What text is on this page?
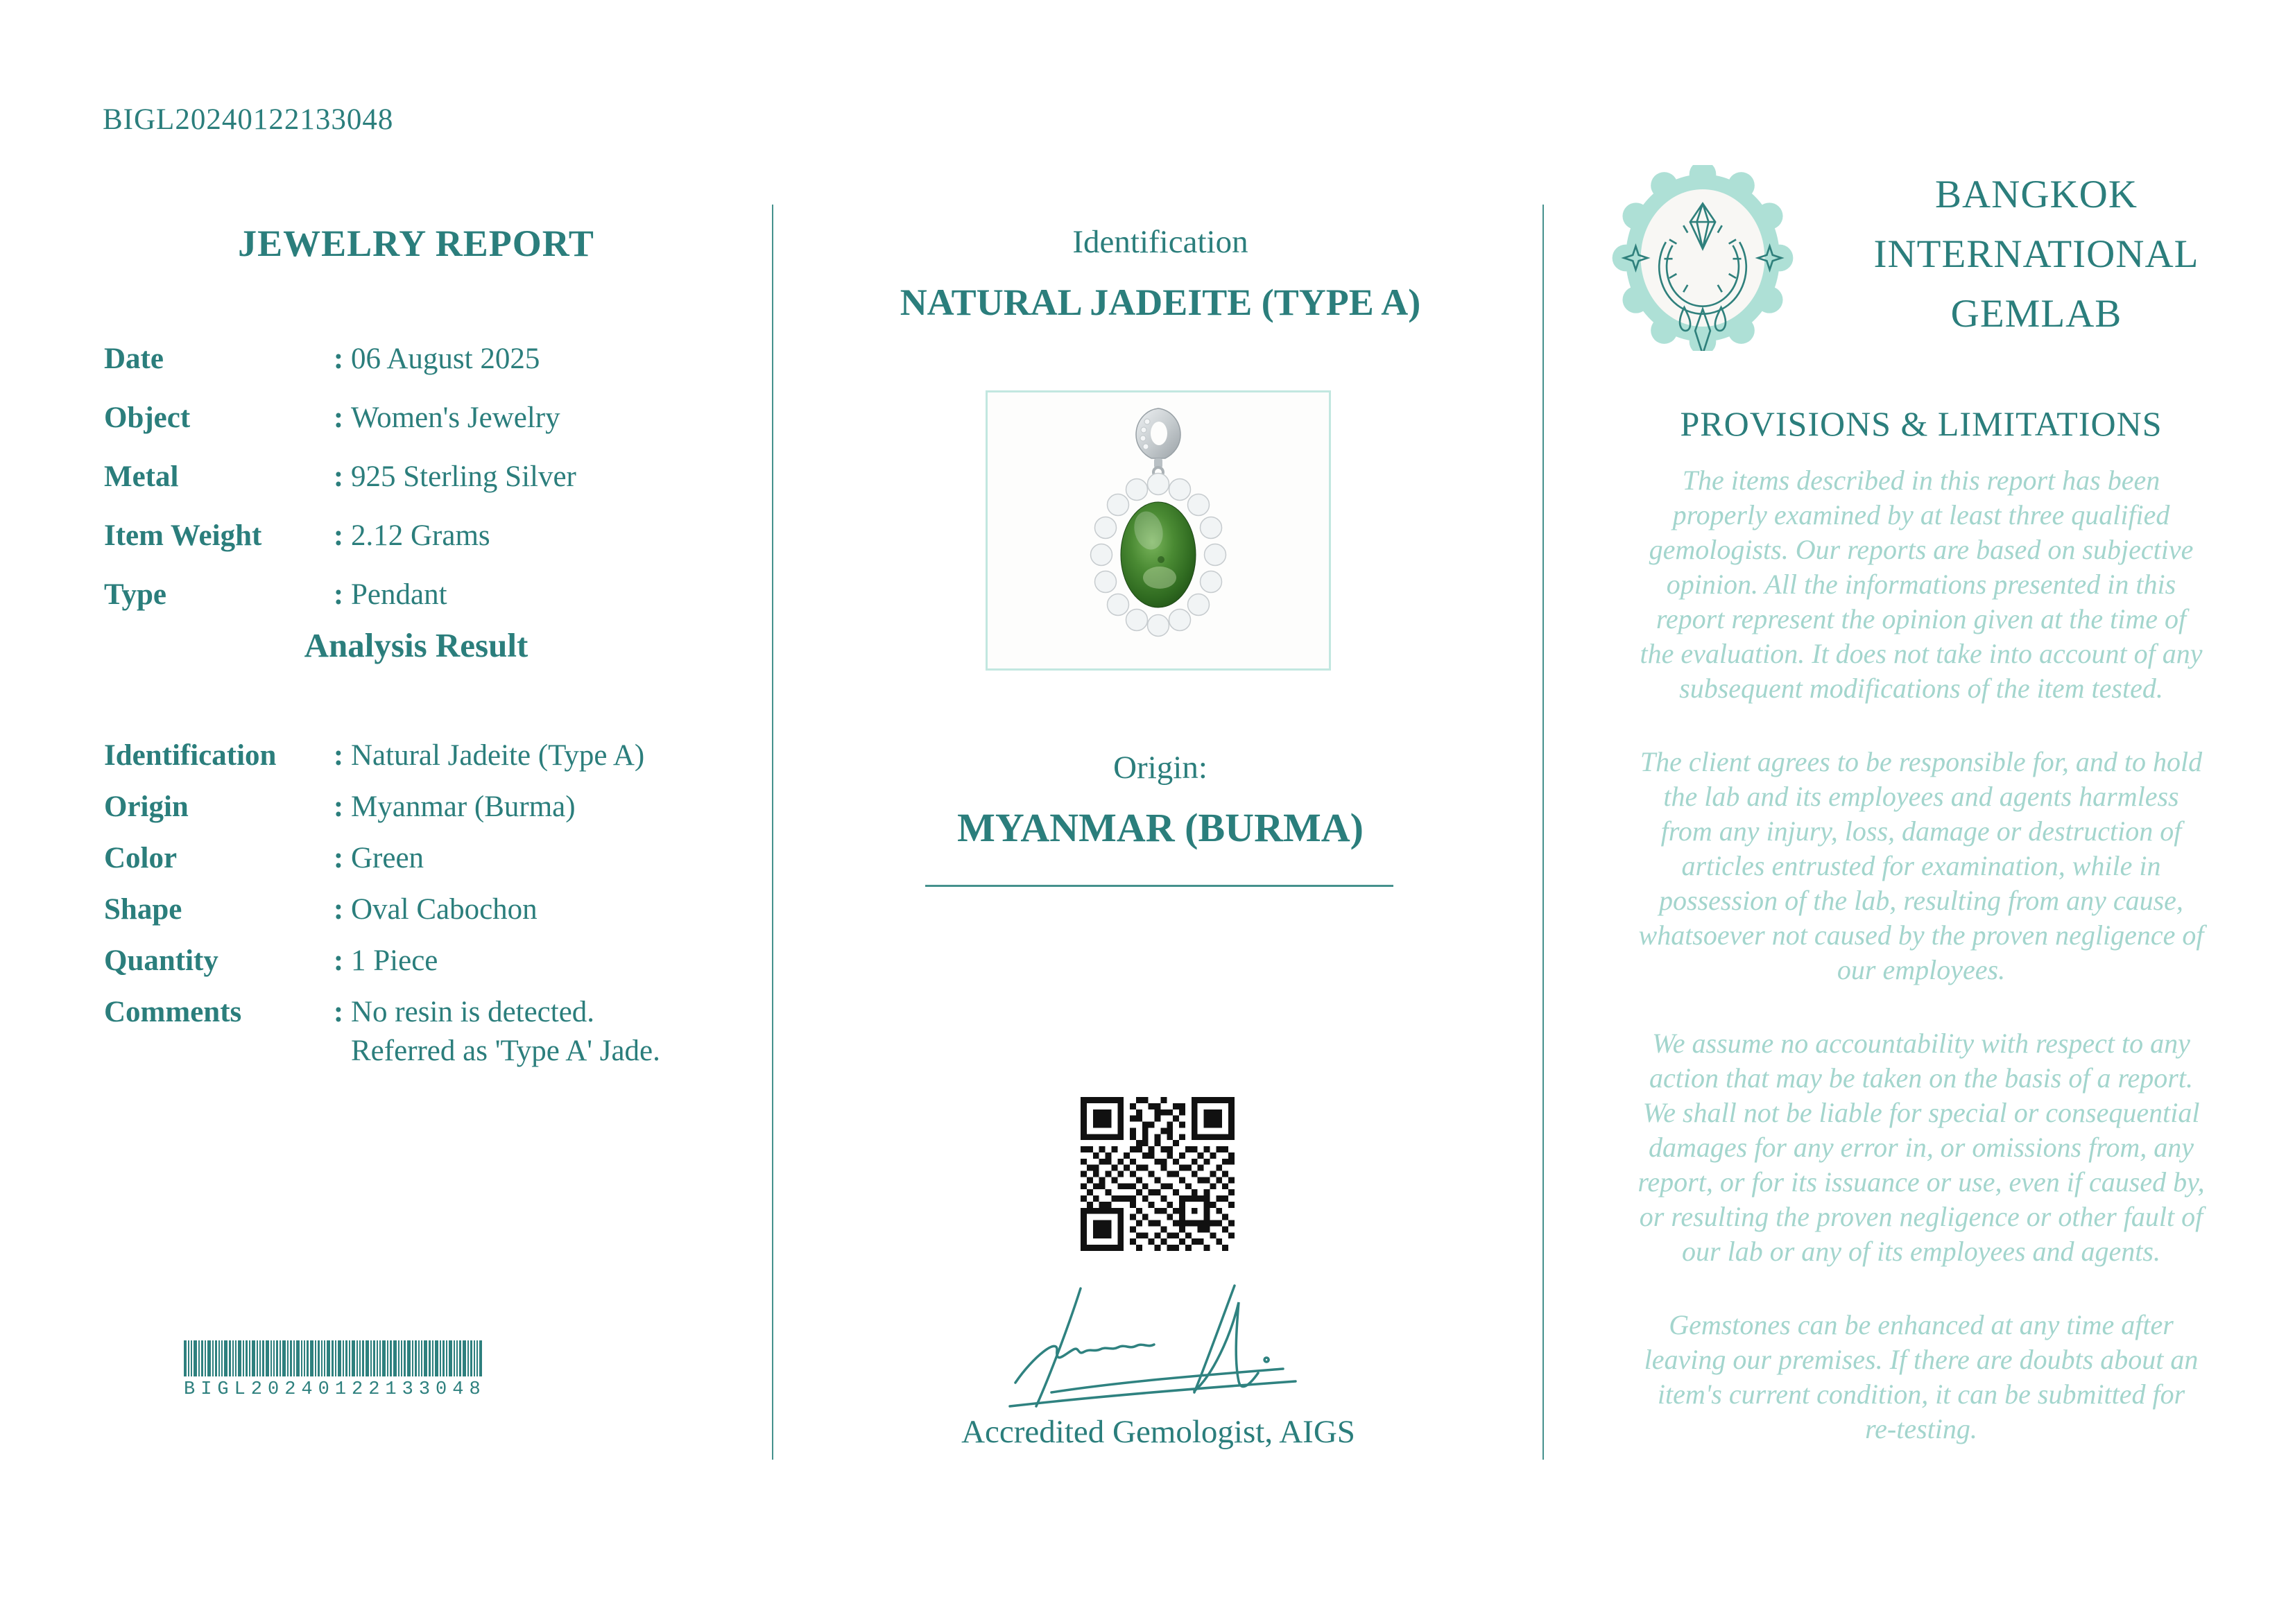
BIGL20240122133048
JEWELRY REPORT
Date	: 06 August 2025
Object	: Women's Jewelry
Metal	: 925 Sterling Silver
Item Weight	: 2.12 Grams
Type	: Pendant
Analysis Result
Identification	: Natural Jadeite (Type A)
Origin	: Myanmar (Burma)
Color	: Green
Shape	: Oval Cabochon
Quantity	: 1 Piece
Comments	: No resin is detected.
Referred as 'Type A' Jade.
BIGL20240122133048
Identification
NATURAL JADEITE (TYPE A)
Origin:
MYANMAR (BURMA)
Accredited Gemologist, AIGS
BANGKOK
INTERNATIONAL
GEMLAB
PROVISIONS & LIMITATIONS

The items described in this report has been
properly examined by at least three qualified
gemologists. Our reports are based on subjective
opinion. All the informations presented in this
report represent the opinion given at the time of
the evaluation. It does not take into account of any
subsequent modifications of the item tested.

The client agrees to be responsible for, and to hold
the lab and its employees and agents harmless
from any injury, loss, damage or destruction of
articles entrusted for examination, while in
possession of the lab, resulting from any cause,
whatsoever not caused by the proven negligence of
our employees.

We assume no accountability with respect to any
action that may be taken on the basis of a report.
We shall not be liable for special or consequential
damages for any error in, or omissions from, any
report, or for its issuance or use, even if caused by,
or resulting the proven negligence or other fault of
our lab or any of its employees and agents.

Gemstones can be enhanced at any time after
leaving our premises. If there are doubts about an
item's current condition, it can be submitted for
re-testing.
